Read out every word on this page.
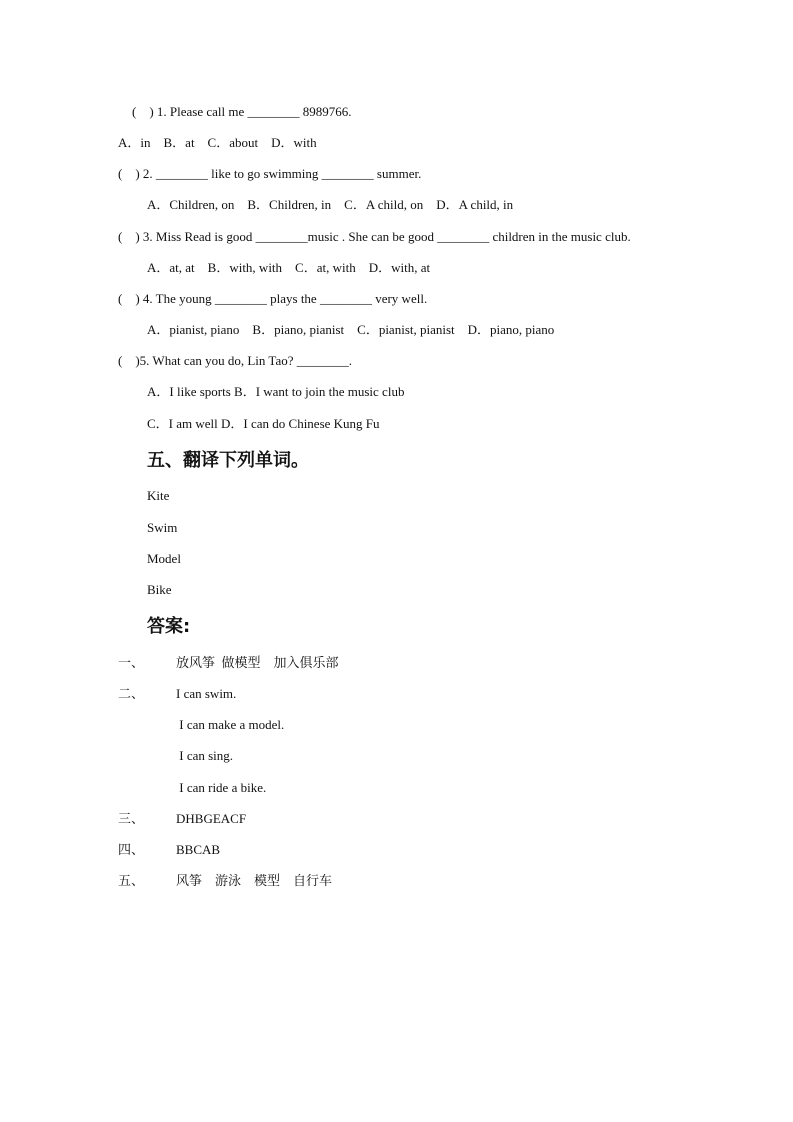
(    ) 1. Please call me ________ 8989766.
A．in    B．at    C．about    D．with
(    ) 2. ________ like to go swimming ________ summer.
A．Children, on    B．Children, in    C．A child, on    D．A child, in
(    ) 3. Miss Read is good ________music . She can be good ________ children in the music club.
A．at, at    B．with, with    C．at, with    D．with, at
(    ) 4. The young ________ plays the ________ very well.
A．pianist, piano    B．piano, pianist    C．pianist, pianist    D．piano, piano
(    )5. What can you do, Lin Tao? ________.
A．I like sports B．I want to join the music club
C．I am well D．I can do Chinese Kung Fu
五、翻译下列单词。
Kite
Swim
Model
Bike
答案:
一、 放风筝  做模型    加入俱乐部
二、 I can swim.
I can make a model.
I can sing.
I can ride a bike.
三、 DHBGEACF
四、 BBCAB
五、 风筝    游泳    模型    自行车
